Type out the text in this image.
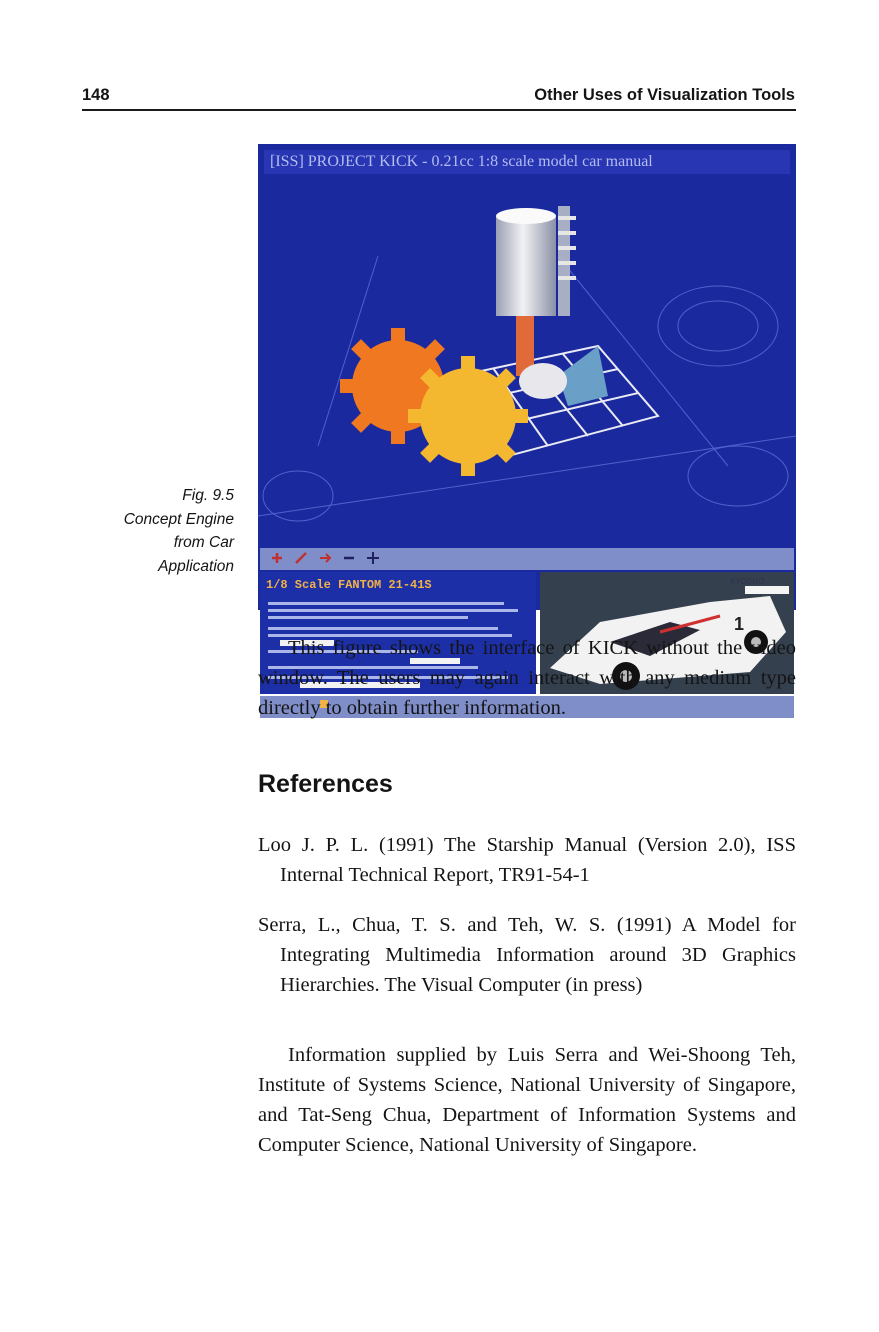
148	Other Uses of Visualization Tools
Fig. 9.5
Concept Engine
from Car
Application
[ISS] PROJECT KICK - 0.21cc 1:8 scale model car manual
1/8 Scale FANTOM 21-41S	KYOSHO
1
This figure shows the interface of KICK without the video window. The users may again interact with any medium type directly to obtain further information.
References
Loo J. P. L. (1991) The Starship Manual (Version 2.0), ISS Internal Technical Report, TR91-54-1
Serra, L., Chua, T. S. and Teh, W. S. (1991) A Model for Integrating Multimedia Information around 3D Graphics Hierarchies. The Visual Computer (in press)
Information supplied by Luis Serra and Wei-Shoong Teh, Institute of Systems Science, National University of Singapore, and Tat-Seng Chua, Department of Information Systems and Computer Science, National University of Singapore.
